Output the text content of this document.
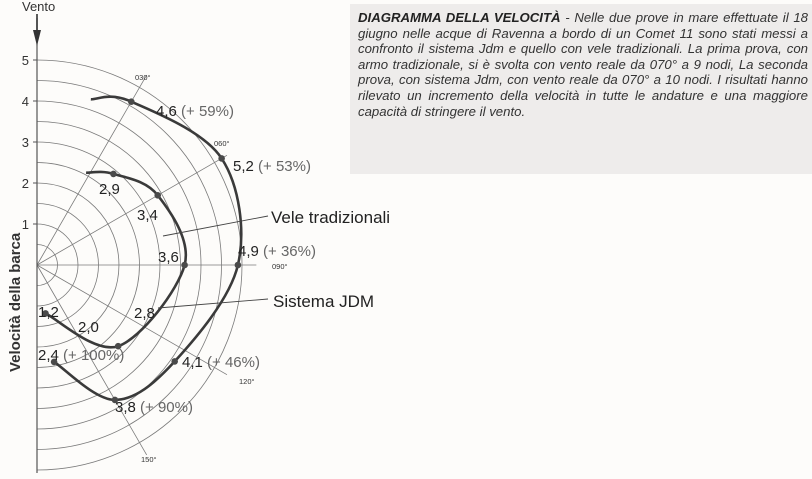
DIAGRAMMA DELLA VELOCITÀ - Nelle due prove in mare effettuate il 18 giugno nelle acque di Ravenna a bordo di un Comet 11 sono stati messi a confronto il sistema Jdm e quello con vele tradizionali. La prima prova, con armo tradizionale, si è svolta con vento reale da 070° a 9 nodi, La seconda prova, con sistema Jdm, con vento reale da 070° a 10 nodi. I risultati hanno rilevato un incremento della velocità in tutte le andature e una maggiore capacità di stringere il vento.
1
2
3
4
5
Vento
Velocità della barca
030°
060°
090°
120°
150°
4,6 (+ 59%)
5,2 (+ 53%)
2,9
3,4
3,6	4,9 (+ 36%)
1,2	2,8
2,0
2,4 (+ 100%)	4,1 (+ 46%)
3,8 (+ 90%)
Vele tradizionali
Sistema JDM
